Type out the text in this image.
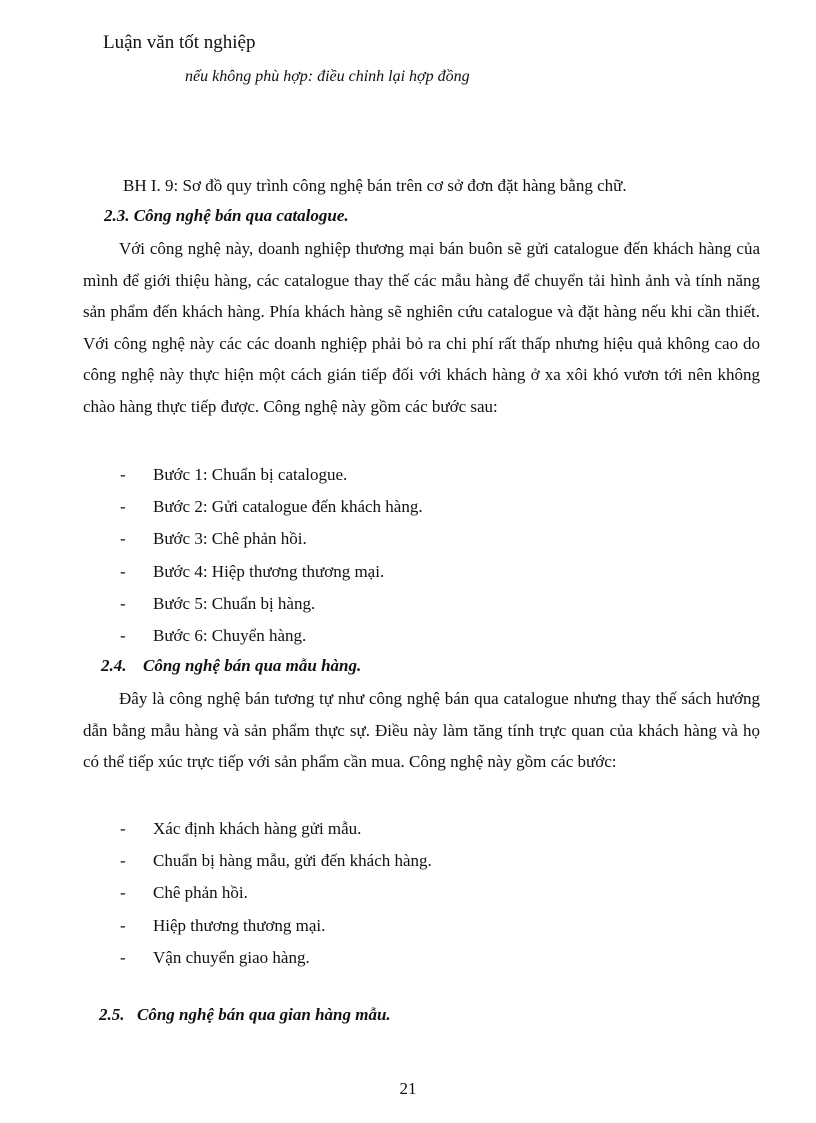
Luận văn tốt nghiệp
nếu không phù hợp: điều chỉnh lại hợp đồng
BH I. 9: Sơ đồ quy trình công nghệ bán trên cơ sở đơn đặt hàng bằng chữ.
2.3. Công nghệ bán qua catalogue.
Với công nghệ này, doanh nghiệp thương mại bán buôn sẽ gửi catalogue đến khách hàng của mình để giới thiệu hàng, các catalogue thay thế các mẫu hàng để chuyển tải hình ảnh và tính năng sản phẩm đến khách hàng. Phía khách hàng sẽ nghiên cứu catalogue và đặt hàng nếu khi cần thiết. Với công nghệ này các các doanh nghiệp phải bỏ ra chi phí rất thấp nhưng hiệu quả không cao do công nghệ này thực hiện một cách gián tiếp đối với khách hàng ở xa xôi khó vươn tới nên không chào hàng thực tiếp được. Công nghệ này gồm các bước sau:
- Bước 1: Chuẩn bị catalogue.
- Bước 2: Gửi catalogue đến khách hàng.
- Bước 3: Chê phản hồi.
- Bước 4: Hiệp thương thương mại.
- Bước 5: Chuẩn bị hàng.
- Bước 6: Chuyển hàng.
2.4. Công nghệ bán qua mẫu hàng.
Đây là công nghệ bán tương tự như công nghệ bán qua catalogue nhưng thay thế sách hướng dẫn bằng mẫu hàng và sản phẩm thực sự. Điều này làm tăng tính trực quan của khách hàng và họ có thể tiếp xúc trực tiếp với sản phẩm cần mua. Công nghệ này gồm các bước:
- Xác định khách hàng gửi mẫu.
- Chuẩn bị hàng mẫu, gửi đến khách hàng.
- Chê phản hồi.
- Hiệp thương thương mại.
- Vận chuyển giao hàng.
2.5. Công nghệ bán qua gian hàng mẫu.
21
